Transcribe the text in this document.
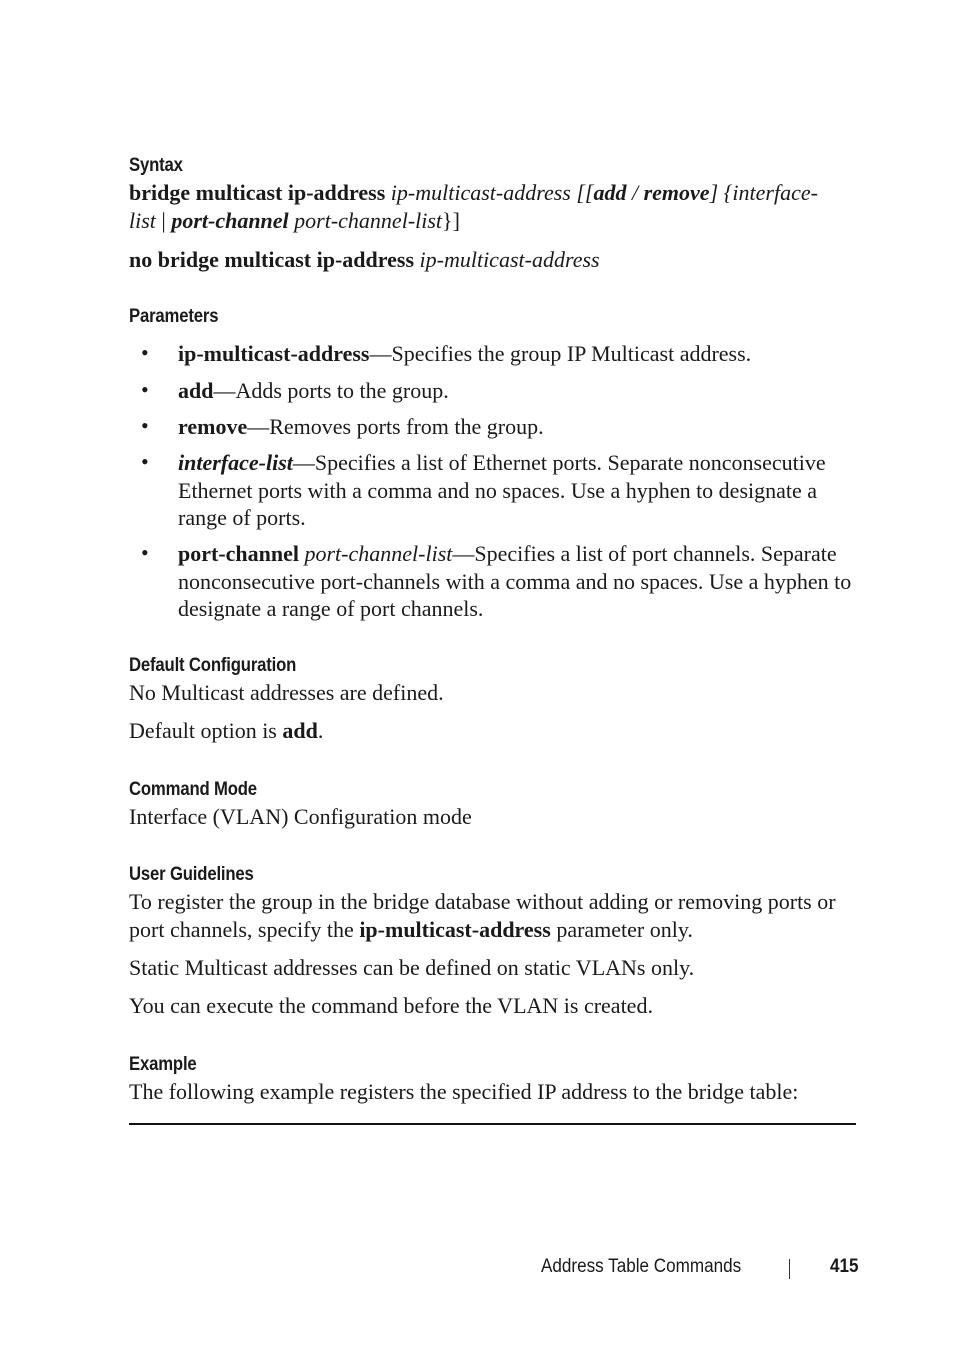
Syntax
bridge multicast ip-address ip-multicast-address [[add / remove] {interface-
list | port-channel port-channel-list}]
no bridge multicast ip-address ip-multicast-address
Parameters
• ip-multicast-address—Specifies the group IP Multicast address.
• add—Adds ports to the group.
• remove—Removes ports from the group.
• interface-list—Specifies a list of Ethernet ports. Separate nonconsecutive Ethernet ports with a comma and no spaces. Use a hyphen to designate a range of ports.
• port-channel port-channel-list—Specifies a list of port channels. Separate nonconsecutive port-channels with a comma and no spaces. Use a hyphen to designate a range of port channels.
Default Configuration
No Multicast addresses are defined.
Default option is add.
Command Mode
Interface (VLAN) Configuration mode
User Guidelines
To register the group in the bridge database without adding or removing ports or port channels, specify the ip-multicast-address parameter only.
Static Multicast addresses can be defined on static VLANs only.
You can execute the command before the VLAN is created.
Example
The following example registers the specified IP address to the bridge table:
Address Table Commands	415
